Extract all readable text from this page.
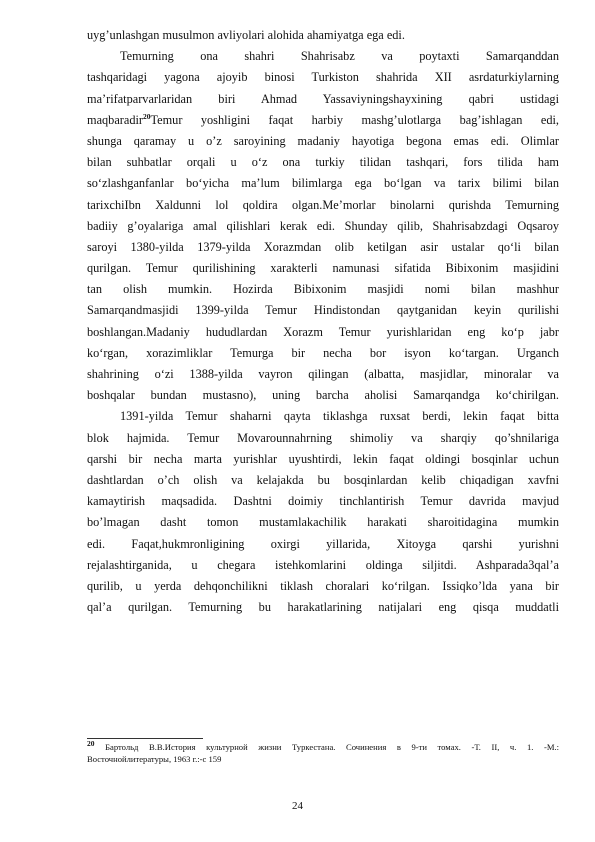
uyg’unlashgan musulmon avliyolari alohida ahamiyatga ega edi.
Temurning ona shahri Shahrisabz va poytaxti Samarqanddan
tashqaridagi yagona ajoyib binosi Turkiston shahrida XII asrdaturkiylarning
ma’rifatparvarlaridan biri Ahmad Yassaviyningshayxining qabri ustidagi
maqbaradir$^{20}$Temur yoshligini faqat harbiy mashg’ulotlarga bag’ishlagan edi,
shunga qaramay u o’z saroyining madaniy hayotiga begona emas edi. Olimlar
bilan suhbatlar orqali u oʻz ona turkiy tilidan tashqari, fors tilida ham
soʻzlashganfanlar boʻyicha ma’lum bilimlarga ega boʻlgan va tarix bilimi bilan
tarixchiIbn Xaldunni lol qoldira olgan.Me’morlar binolarni qurishda Temurning
badiiy g’oyalariga amal qilishlari kerak edi. Shunday qilib, Shahrisabzdagi Oqsaroy
saroyi 1380-yilda 1379-yilda Xorazmdan olib ketilgan asir ustalar qoʻli bilan
qurilgan. Temur qurilishining xarakterli namunasi sifatida Bibixonim masjidini
tan olish mumkin. Hozirda Bibixonim masjidi nomi bilan mashhur
Samarqandmasjidi 1399-yilda Temur Hindistondan qaytganidan keyin qurilishi
boshlangan.Madaniy hududlardan Xorazm Temur yurishlaridan eng koʻp jabr
koʻrgan, xorazimliklar Temurga bir necha bor isyon koʻtargan. Urganch
shahrining oʻzi 1388-yilda vayron qilingan (albatta, masjidlar, minoralar va
boshqalar bundan mustasno), uning barcha aholisi Samarqandga koʻchirilgan.
1391-yilda Temur shaharni qayta tiklashga ruxsat berdi, lekin faqat bitta
blok hajmida. Temur Movarounnahrning shimoliy va sharqiy qo’shnilariga
qarshi bir necha marta yurishlar uyushtirdi, lekin faqat oldingi bosqinlar uchun
dashtlardan o’ch olish va kelajakda bu bosqinlardan kelib chiqadigan xavfni
kamaytirish maqsadida. Dashtni doimiy tinchlantirish Temur davrida mavjud
bo’lmagan dasht tomon mustamlakachilik harakati sharoitidagina mumkin
edi. Faqat,hukmronligining oxirgi yillarida, Xitoyga qarshi yurishni
rejalashtirganida, u chegara istehkomlarini oldinga siljitdi. Ashparada3qalʼa
qurilib, u yerda dehqonchilikni tiklash choralari koʻrilgan. Issiqko’lda yana bir
qal’a qurilgan. Temurning bu harakatlarining natijalari eng qisqa muddatli
$^{20}$ Бартольд В.В.История культурной жизни Туркестана. Сочинения в 9-ти томах. -Т. II, ч. 1. -М.:
Восточнойлитературы, 1963 г.:-с 159
24
